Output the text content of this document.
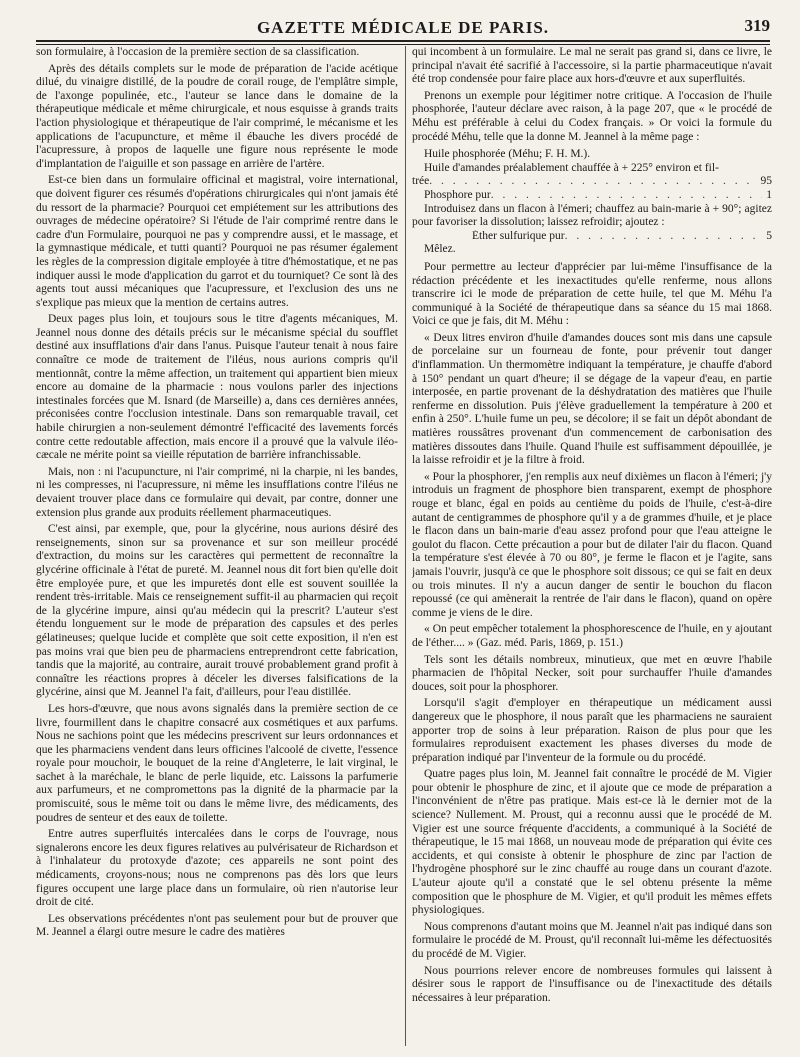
GAZETTE MÉDICALE DE PARIS.	319

son formulaire, à l'occasion de la première section de sa classification.

Après des détails complets sur le mode de préparation de l'acide acétique dilué, du vinaigre distillé, de la poudre de corail rouge, de l'emplâtre simple, de l'axonge populinée, etc., l'auteur se lance dans le domaine de la thérapeutique médicale et même chirurgicale, et nous esquisse à grands traits l'action physiologique et thérapeutique de l'air comprimé, le mécanisme et les applications de l'acupuncture, et même il ébauche les divers procédé de l'acupressure, à propos de laquelle une figure nous représente le mode d'implantation de l'aiguille et son passage en arrière de l'artère.

Est-ce bien dans un formulaire officinal et magistral, voire international, que doivent figurer ces résumés d'opérations chirurgicales qui n'ont jamais été du ressort de la pharmacie? Pourquoi cet empiétement sur les attributions des ouvrages de médecine opératoire? Si l'étude de l'air comprimé rentre dans le cadre d'un Formulaire, pourquoi ne pas y comprendre aussi, et le massage, et la gymnastique médicale, et tutti quanti? Pourquoi ne pas résumer également les règles de la compression digitale employée à titre d'hémostatique, et ne pas indiquer aussi le mode d'application du garrot et du tourniquet? Ce sont là des agents tout aussi mécaniques que l'acupressure, et l'exclusion des uns ne s'explique pas mieux que la mention de certains autres.

Deux pages plus loin, et toujours sous le titre d'agents mécaniques, M. Jeannel nous donne des détails précis sur le mécanisme spécial du soufflet destiné aux insufflations d'air dans l'anus. Puisque l'auteur tenait à nous faire connaître ce mode de traitement de l'iléus, nous aurions compris qu'il mentionnât, contre la même affection, un traitement qui appartient bien mieux encore au domaine de la pharmacie : nous voulons parler des injections intestinales forcées que M. Isnard (de Marseille) a, dans ces dernières années, préconisées contre l'occlusion intestinale. Dans son remarquable travail, cet habile chirurgien a non-seulement démontré l'efficacité des lavements forcés contre cette redoutable affection, mais encore il a prouvé que la valvule iléo-cæcale ne mérite point sa vieille réputation de barrière infranchissable.

Mais, non : ni l'acupuncture, ni l'air comprimé, ni la charpie, ni les bandes, ni les compresses, ni l'acupressure, ni même les insufflations contre l'iléus ne devaient trouver place dans ce formulaire qui devait, par contre, donner une extension plus grande aux produits réellement pharmaceutiques.

C'est ainsi, par exemple, que, pour la glycérine, nous aurions désiré des renseignements, sinon sur sa provenance et sur son meilleur procédé d'extraction, du moins sur les caractères qui permettent de reconnaître la glycérine officinale à l'état de pureté. M. Jeannel nous dit fort bien qu'elle doit être employée pure, et que les impuretés dont elle est souvent souillée la rendent très-irritable. Mais ce renseignement suffit-il au pharmacien qui reçoit de la glycérine impure, ainsi qu'au médecin qui la prescrit? L'auteur s'est étendu longuement sur le mode de préparation des capsules et des perles gélatineuses; quelque lucide et complète que soit cette exposition, il n'en est pas moins vrai que bien peu de pharmaciens entreprendront cette fabrication, tandis que la majorité, au contraire, aurait trouvé probablement grand profit à connaître les réactions propres à déceler les diverses falsifications de la glycérine, ainsi que M. Jeannel l'a fait, d'ailleurs, pour l'eau distillée.

Les hors-d'œuvre, que nous avons signalés dans la première section de ce livre, fourmillent dans le chapitre consacré aux cosmétiques et aux parfums. Nous ne sachions point que les médecins prescrivent sur leurs ordonnances et que les pharmaciens vendent dans leurs officines l'alcoolé de civette, l'essence royale pour mouchoir, le bouquet de la reine d'Angleterre, le lait virginal, le sachet à la maréchale, le blanc de perle liquide, etc. Laissons la parfumerie aux parfumeurs, et ne compromettons pas la dignité de la pharmacie par la promiscuité, sous le même toit ou dans le même livre, des médicaments, des poudres de senteur et des eaux de toilette.

Entre autres superfluités intercalées dans le corps de l'ouvrage, nous signalerons encore les deux figures relatives au pulvérisateur de Richardson et à l'inhalateur du protoxyde d'azote; ces appareils ne sont point des médicaments, croyons-nous; nous ne comprenons pas dès lors que leurs figures occupent une large place dans un formulaire, où rien n'autorise leur droit de cité.

Les observations précédentes n'ont pas seulement pour but de prouver que M. Jeannel a élargi outre mesure le cadre des matières

qui incombent à un formulaire. Le mal ne serait pas grand si, dans ce livre, le principal n'avait été sacrifié à l'accessoire, si la partie pharmaceutique n'avait été trop condensée pour faire place aux hors-d'œuvre et aux superfluités.

Prenons un exemple pour légitimer notre critique. A l'occasion de l'huile phosphorée, l'auteur déclare avec raison, à la page 207, que « le procédé de Méhu est préférable à celui du Codex français. » Or voici la formule du procédé Méhu, telle que la donne M. Jeannel à la même page :

Huile phosphorée (Méhu; F. H. M.).
Huile d'amandes préalablement chauffée à + 225° environ et fil-
trée . . .	95
Phosphore pur . . .	1

Introduisez dans un flacon à l'émeri; chauffez au bain-marie à + 90°; agitez pour favoriser la dissolution; laissez refroidir; ajoutez :

Éther sulfurique pur . . .	5
Mêlez.

Pour permettre au lecteur d'apprécier par lui-même l'insuffisance de la rédaction précédente et les inexactitudes qu'elle renferme, nous allons transcrire ici le mode de préparation de cette huile, tel que M. Méhu l'a communiqué à la Société de thérapeutique dans sa séance du 15 mai 1868. Voici ce que je fais, dit M. Méhu :

« Deux litres environ d'huile d'amandes douces sont mis dans une capsule de porcelaine sur un fourneau de fonte, pour prévenir tout danger d'inflammation. Un thermomètre indiquant la température, je chauffe d'abord à 150° pendant un quart d'heure; il se dégage de la vapeur d'eau, en partie interposée, en partie provenant de la déshydratation des matières que l'huile renferme en dissolution. Puis j'élève graduellement la température à 200 et enfin à 250°. L'huile fume un peu, se décolore; il se fait un dépôt abondant de matières roussâtres provenant d'un commencement de carbonisation des matières dissoutes dans l'huile. Quand l'huile est suffisamment dépouillée, je la laisse refroidir et je la filtre à froid.

« Pour la phosphorer, j'en remplis aux neuf dixièmes un flacon à l'émeri; j'y introduis un fragment de phosphore bien transparent, exempt de phosphore rouge et blanc, égal en poids au centième du poids de l'huile, c'est-à-dire autant de centigrammes de phosphore qu'il y a de grammes d'huile, et je place le flacon dans un bain-marie d'eau assez profond pour que l'eau atteigne le goulot du flacon. Cette précaution a pour but de dilater l'air du flacon. Quand la température s'est élevée à 70 ou 80°, je ferme le flacon et je l'agite, sans jamais l'ouvrir, jusqu'à ce que le phosphore soit dissous; ce qui se fait en deux ou trois minutes. Il n'y a aucun danger de sentir le bouchon du flacon repoussé (ce qui amènerait la rentrée de l'air dans le flacon), quand on opère comme je viens de le dire.

« On peut empêcher totalement la phosphorescence de l'huile, en y ajoutant de l'éther.... » (Gaz. méd. Paris, 1869, p. 151.)

Tels sont les détails nombreux, minutieux, que met en œuvre l'habile pharmacien de l'hôpital Necker, soit pour surchauffer l'huile d'amandes douces, soit pour la phosphorer.

Lorsqu'il s'agit d'employer en thérapeutique un médicament aussi dangereux que le phosphore, il nous paraît que les pharmaciens ne sauraient apporter trop de soins à leur préparation. Raison de plus pour que les formulaires reproduisent exactement les phases diverses du mode de préparation indiqué par l'inventeur de la formule ou du procédé.

Quatre pages plus loin, M. Jeannel fait connaître le procédé de M. Vigier pour obtenir le phosphure de zinc, et il ajoute que ce mode de préparation a l'inconvénient de n'être pas pratique. Mais est-ce là le dernier mot de la science? Nullement. M. Proust, qui a reconnu aussi que le procédé de M. Vigier est une source fréquente d'accidents, a communiqué à la Société de thérapeutique, le 15 mai 1868, un nouveau mode de préparation qui évite ces accidents, et qui consiste à obtenir le phosphure de zinc par l'action de l'hydrogène phosphoré sur le zinc chauffé au rouge dans un courant d'azote. L'auteur ajoute qu'il a constaté que le sel obtenu présente la même composition que le phosphure de M. Vigier, et qu'il produit les mêmes effets physiologiques.

Nous comprenons d'autant moins que M. Jeannel n'ait pas indiqué dans son formulaire le procédé de M. Proust, qu'il reconnaît lui-même les défectuosités du procédé de M. Vigier.

Nous pourrions relever encore de nombreuses formules qui laissent à désirer sous le rapport de l'insuffisance ou de l'inexactitude des détails nécessaires à leur préparation.
